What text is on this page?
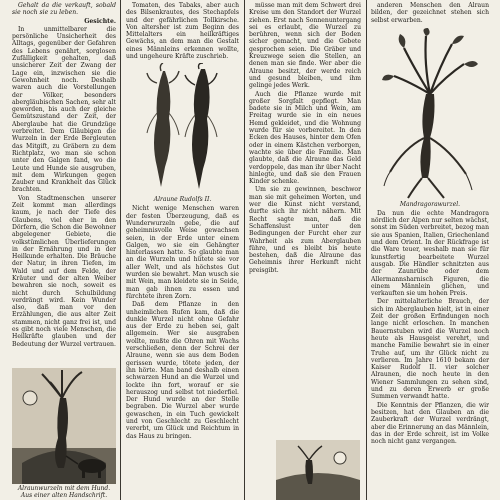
Gehalt da die verkauft, sobald sie noch sie zu leben.

Gesichte.

In unmittelbarer die persönliche Unsicherheit des Alltags, gegenüber der Gefahren des Lebens genährt, sorglosen Zufälligkeit gehalten, daß unsicherer Zeit der Zwang der Lage ein, inzwischen sie die Gewohnheit noch. Deshalb waren auch die Vorstellungen der Völker, besonders abergläubischen Sachen, sehr alt geworden, bis auch der gleiche Gemütszustand der Zeit, der Aberglaube hat die Grundzüge verbreitet. Dem Gläubigen die Wurzeln in der Erde Bergleuten das Mitgift, zu Gräbern zu dem Richtplatz, wo man sie schon unter den Galgen fand, wo die Leute und Hunde sie ausgruben, mit dem Wirkungen gegen Zauber und Krankheit das Glück brachten.

Von Stadtmenschen unserer Zeit kommt man allerdings kaum, je nach der Tiefe des Glaubens, viel eher in den Dörfern, die Schon die Bewohner abgelegener Gebiete, die volkstümlichen Überlieferungen in der Ernährung und in der Heilkunde erhalten. Die Bräuche der Natur, in ihren Tiefen, im Wald und auf dem Felde, der Kräuter und der alten Weiber bewahren sie noch, soweit es nicht durch Schulbildung verdrängt wird. Kein Wunder also, daß man vor den Erzählungen, die aus alter Zeit stammen, nicht ganz frei ist, und es gibt noch viele Menschen, die Heilkräfte glauben und der Bedeutung der Wurzel vertrauen.

Alraunwurzeln mit dem Hund. Aus einer alten Handschrift.

Tomaten, des Tabaks, aber auch des Bilsenkrautes, des Stechapfels und der gefährlichen Tollkirsche. Von altersher ist zum Beginn des Mittelalters ein heilkräftiges Gewächs, an dem man die Gestalt eines Männleins erkennen wollte, und ungeheure Kräfte zuschrieb.

Alraune Rudolfs II.

Nicht wenige Menschen waren der festen Überzeugung, daß es Wunderwurzeln gebe, die auf geheimnisvolle Weise gewachsen seien, in der Erde unter einem Galgen, wo sie ein Gehängter hinterlassen hatte. So glaubte man an die Wurzeln und hütete sie vor aller Welt, und als höchstes Gut wurden sie bewahrt. Man wusch sie mit Wein, man kleidete sie in Seide, man gab ihnen zu essen und fürchtete ihren Zorn.

Daß dem Pflanze in den unheimlichen Rufen kam, daß die dunkle Wurzel nicht ohne Gefahr aus der Erde zu heben sei, galt allgemein. Wer sie ausgraben wollte, mußte die Ohren mit Wachs verschließen, denn der Schrei der Alraune, wenn sie aus dem Boden gerissen wurde, tötete jeden, der ihn hörte. Man band deshalb einen schwarzen Hund an die Wurzel und lockte ihn fort, worauf er sie herauszog und selbst tot niederfiel. Der Hund wurde an der Stelle begraben. Die Wurzel aber wurde gewaschen, in ein Tuch gewickelt und von Geschlecht zu Geschlecht vererbt, um Glück und Reichtum in das Haus zu bringen.

müsse man mit dem Schwert drei Kreise um den Standort der Wurzel ziehen. Erst nach Sonnenuntergang sei es erlaubt, die Wurzel zu berühren, wenn sich der Boden sicher gemacht, und die Gebete gesprochen seien. Die Gräber und Kreuzwege seien die Stellen, an denen man sie finde. Wer aber die Alraune besitzt, der werde reich und gesund bleiben, und ihm gelinge jedes Werk.

Auch die Pflanze wurde mit großer Sorgfalt gepflegt. Man badete sie in Milch und Wein, am Freitag wurde sie in ein neues Hemd gekleidet, und die Wohnung wurde für sie vorbereitet. In den Ecken des Hauses, hinter dem Ofen oder in einem Kästchen verborgen, wachte sie über die Familie. Man glaubte, daß die Alraune das Geld verdoppele, das man ihr über Nacht hinlegte, und daß sie den Frauen Kinder schenke.

Um sie zu gewinnen, beschwor man sie mit geheimen Worten, und wer die Kunst nicht verstand, durfte sich ihr nicht nähern. Mit Recht sagte man, daß die Schaffenslust unter den Bedingungen der Furcht eher zur Wahrheit als zum Aberglauben führe, und es bleibt bis heute bestehen, daß die Alraune das Geheimnis ihrer Herkunft nicht preisgibt.

anderen Menschen den Alraun bilden, der gezeichnet stehen sich selbst erwarben.

Mandragorawurzel.

Da nun die echte Mandragora nördlich der Alpen nur selten wächst, sonst im Süden verbreitet, bezog man sie aus Spanien, Italien, Griechenland und dem Orient. In der Rückfrage ist die Ware teuer, weshalb man sie für kunstfertig bearbeitete Wurzel ausgab. Die Händler schnitzten aus der Zaunrübe oder dem Allermannsharnisch Figuren, die einem Männlein glichen, und verkauften sie um hohen Preis.

Der mittelalterliche Brauch, der sich im Aberglauben hielt, ist in einer Zeit der großen Erfindungen noch lange nicht erloschen. In manchen Bauernstuben wird die Wurzel noch heute als Hausgeist verehrt, und manche Familie bewahrt sie in einer Truhe auf, um ihr Glück nicht zu verlieren. Im Jahre 1610 bekam der Kaiser Rudolf II. vier solcher Alraunen, die noch heute in den Wiener Sammlungen zu sehen sind, und zu deren Erwerb er große Summen verwandt hatte.

Die Kenntnis der Pflanzen, die wir besitzen, hat den Glauben an die Zauberkraft der Wurzel verdrängt, aber die Erinnerung an das Männlein, das in der Erde schreit, ist im Volke noch nicht ganz vergangen.
